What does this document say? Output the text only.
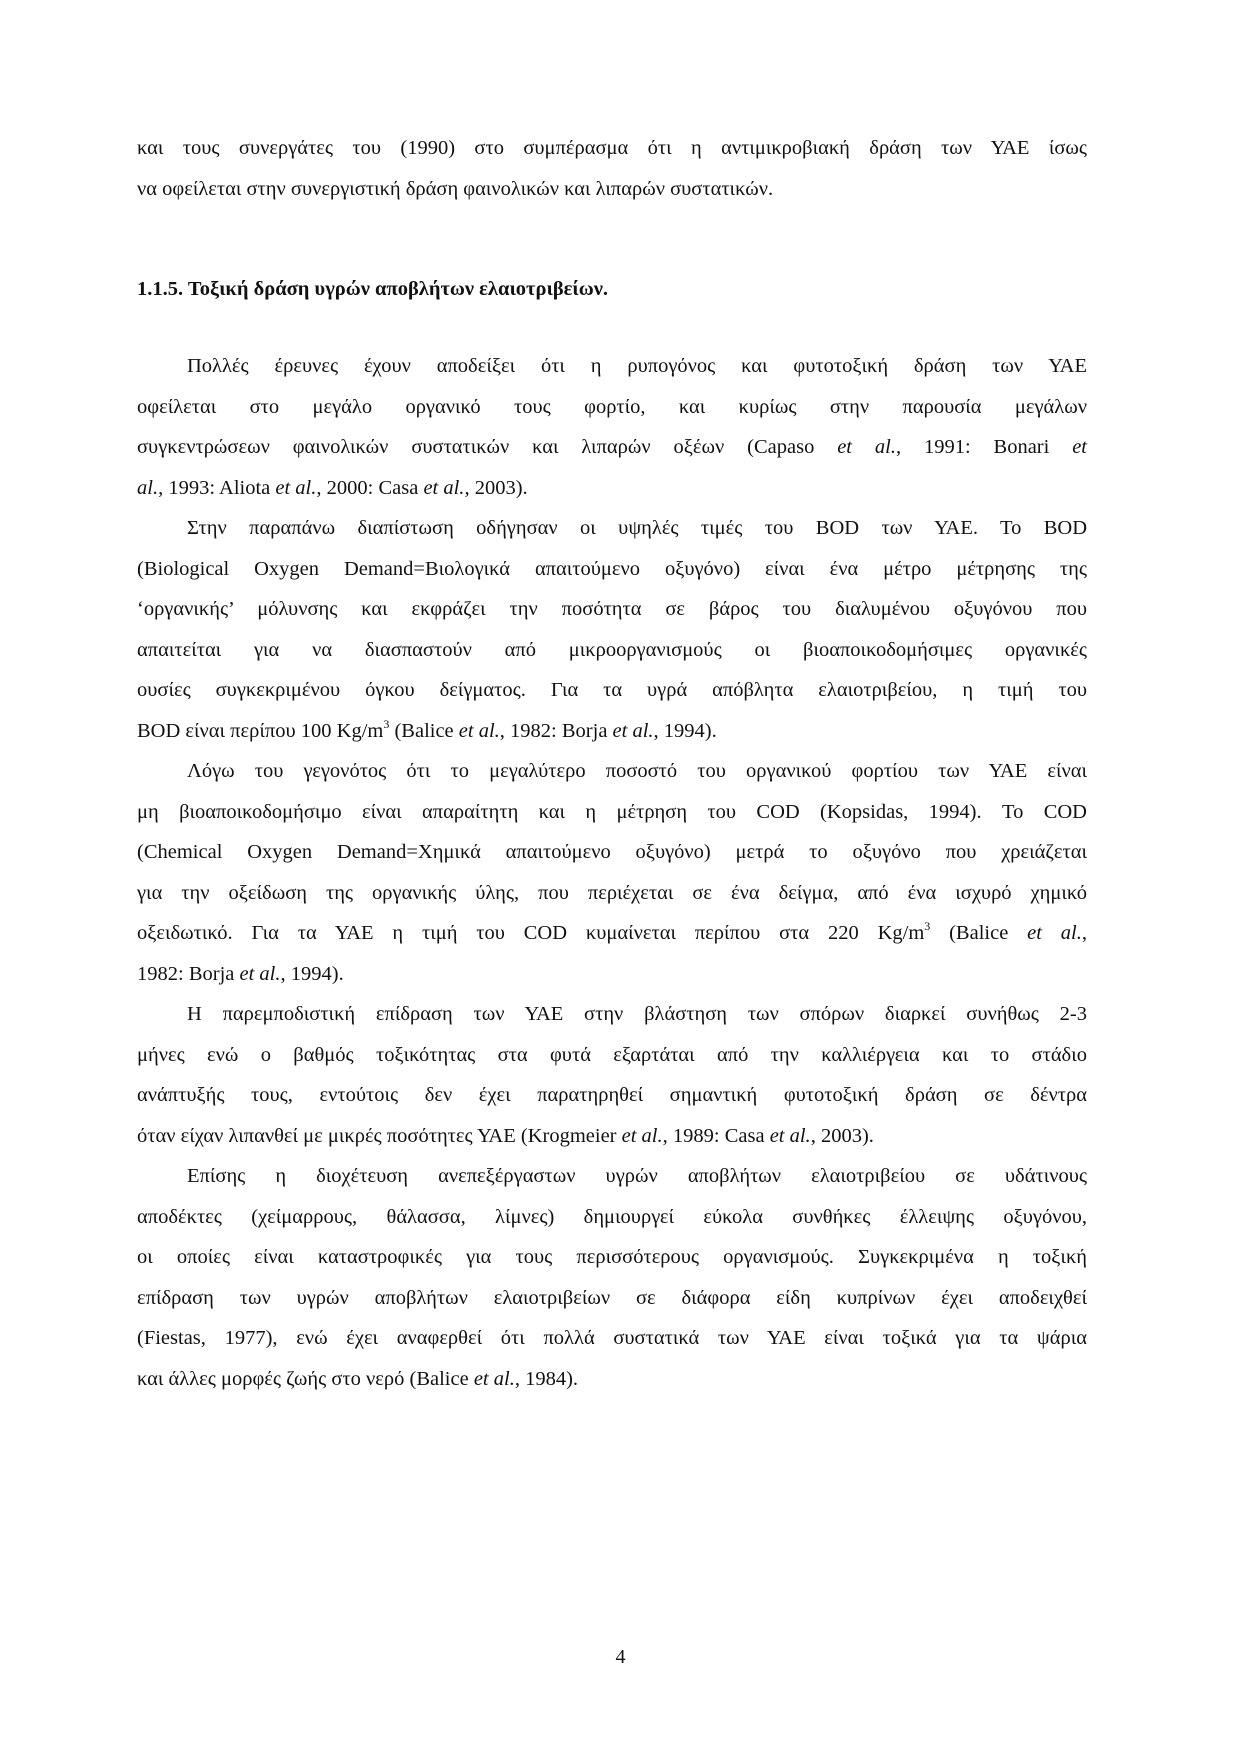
και τους συνεργάτες του (1990) στο συμπέρασμα ότι η αντιμικροβιακή δράση των ΥΑΕ ίσως
να οφείλεται στην συνεργιστική δράση φαινολικών και λιπαρών συστατικών.
1.1.5. Τοξική δράση υγρών αποβλήτων ελαιοτριβείων.
Πολλές έρευνες έχουν αποδείξει ότι η ρυπογόνος και φυτοτοξική δράση των ΥΑΕ
οφείλεται στο μεγάλο οργανικό τους φορτίο, και κυρίως στην παρουσία μεγάλων
συγκεντρώσεων φαινολικών συστατικών και λιπαρών οξέων (Capaso et al., 1991: Bonari et
al., 1993: Aliota et al., 2000: Casa et al., 2003).
Στην παραπάνω διαπίστωση οδήγησαν οι υψηλές τιμές του BOD των ΥΑΕ. Το BOD
(Biological Oxygen Demand=Βιολογικά απαιτούμενο οξυγόνο) είναι ένα μέτρο μέτρησης της
‘οργανικής’ μόλυνσης και εκφράζει την ποσότητα σε βάρος του διαλυμένου οξυγόνου που
απαιτείται για να διασπαστούν από μικροοργανισμούς οι βιοαποικοδομήσιμες οργανικές
ουσίες συγκεκριμένου όγκου δείγματος. Για τα υγρά απόβλητα ελαιοτριβείου, η τιμή του
BOD είναι περίπου 100 $Kg/m^3$ (Balice et al., 1982: Borja et al., 1994).
Λόγω του γεγονότος ότι το μεγαλύτερο ποσοστό του οργανικού φορτίου των ΥΑΕ είναι
μη βιοαποικοδομήσιμο είναι απαραίτητη και η μέτρηση του COD (Kopsidas, 1994). Το COD
(Chemical Oxygen Demand=Χημικά απαιτούμενο οξυγόνο) μετρά το οξυγόνο που χρειάζεται
για την οξείδωση της οργανικής ύλης, που περιέχεται σε ένα δείγμα, από ένα ισχυρό χημικό
οξειδωτικό. Για τα ΥΑΕ η τιμή του COD κυμαίνεται περίπου στα 220 $Kg/m^3$ (Balice et al.,
1982: Borja et al., 1994).
Η παρεμποδιστική επίδραση των ΥΑΕ στην βλάστηση των σπόρων διαρκεί συνήθως 2-3
μήνες ενώ ο βαθμός τοξικότητας στα φυτά εξαρτάται από την καλλιέργεια και το στάδιο
ανάπτυξής τους, εντούτοις δεν έχει παρατηρηθεί σημαντική φυτοτοξική δράση σε δέντρα
όταν είχαν λιπανθεί με μικρές ποσότητες ΥΑΕ (Krogmeier et al., 1989: Casa et al., 2003).
Επίσης η διοχέτευση ανεπεξέργαστων υγρών αποβλήτων ελαιοτριβείου σε υδάτινους
αποδέκτες (χείμαρρους, θάλασσα, λίμνες) δημιουργεί εύκολα συνθήκες έλλειψης οξυγόνου,
οι οποίες είναι καταστροφικές για τους περισσότερους οργανισμούς. Συγκεκριμένα η τοξική
επίδραση των υγρών αποβλήτων ελαιοτριβείων σε διάφορα είδη κυπρίνων έχει αποδειχθεί
(Fiestas, 1977), ενώ έχει αναφερθεί ότι πολλά συστατικά των ΥΑΕ είναι τοξικά για τα ψάρια
και άλλες μορφές ζωής στο νερό (Balice et al., 1984).
4
